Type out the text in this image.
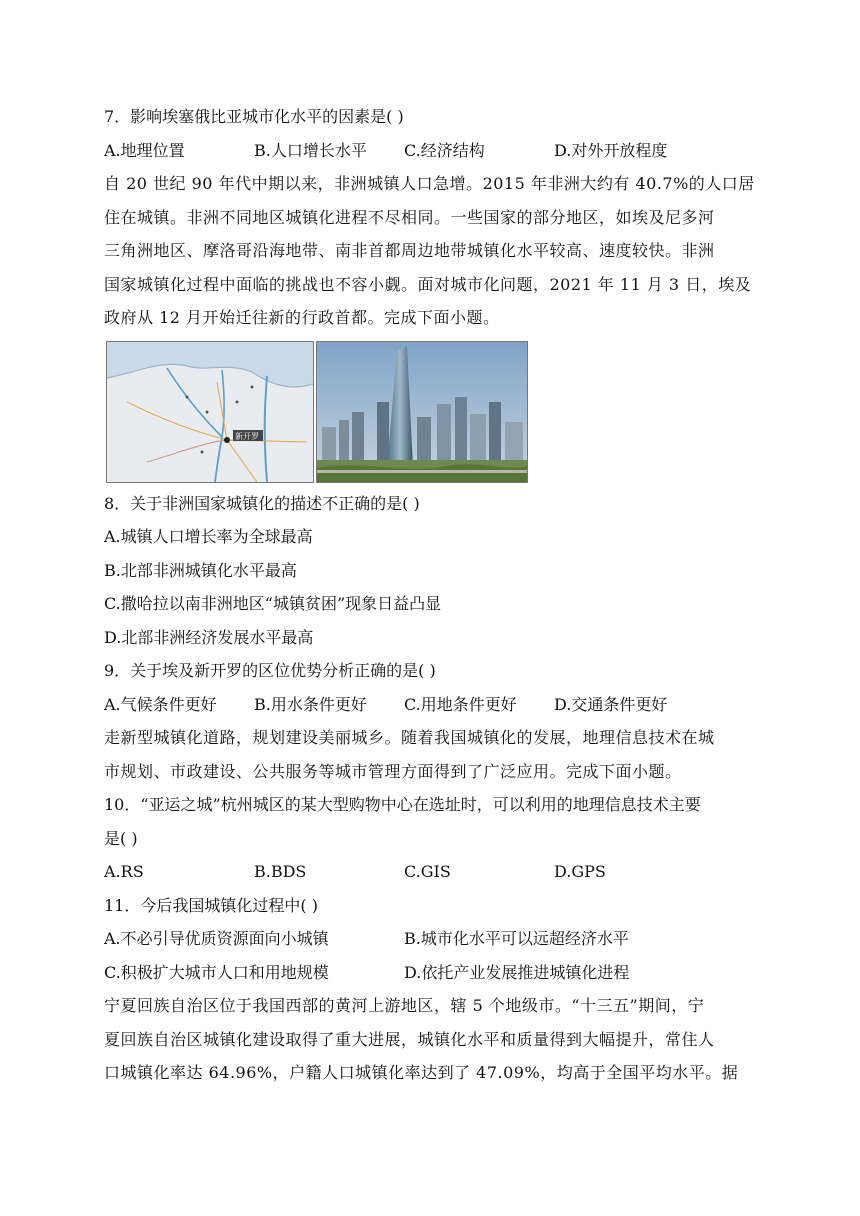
7．影响埃塞俄比亚城市化水平的因素是( )
A.地理位置	B.人口增长水平	C.经济结构	D.对外开放程度

自 20 世纪 90 年代中期以来，非洲城镇人口急增。2015 年非洲大约有 40.7%的人口居

住在城镇。非洲不同地区城镇化进程不尽相同。一些国家的部分地区，如埃及尼多河

三角洲地区、摩洛哥沿海地带、南非首都周边地带城镇化水平较高、速度较快。非洲

国家城镇化过程中面临的挑战也不容小觑。面对城市化问题，2021 年 11 月 3 日，埃及

政府从 12 月开始迁往新的行政首都。完成下面小题。

新开罗
8．关于非洲国家城镇化的描述不正确的是( )
A.城镇人口增长率为全球最高
B.北部非洲城镇化水平最高
C.撒哈拉以南非洲地区“城镇贫困”现象日益凸显
D.北部非洲经济发展水平最高
9．关于埃及新开罗的区位优势分析正确的是( )
A.气候条件更好	B.用水条件更好	C.用地条件更好	D.交通条件更好

走新型城镇化道路，规划建设美丽城乡。随着我国城镇化的发展，地理信息技术在城

市规划、市政建设、公共服务等城市管理方面得到了广泛应用。完成下面小题。

10．“亚运之城”杭州城区的某大型购物中心在选址时，可以利用的地理信息技术主要
是( )
A.RS	B.BDS	C.GIS	D.GPS
11．今后我国城镇化过程中( )
A.不必引导优质资源面向小城镇	B.城市化水平可以远超经济水平
C.积极扩大城市人口和用地规模	D.依托产业发展推进城镇化进程

宁夏回族自治区位于我国西部的黄河上游地区，辖 5 个地级市。“十三五”期间，宁

夏回族自治区城镇化建设取得了重大进展，城镇化水平和质量得到大幅提升，常住人

口城镇化率达 64.96%，户籍人口城镇化率达到了 47.09%，均高于全国平均水平。据
